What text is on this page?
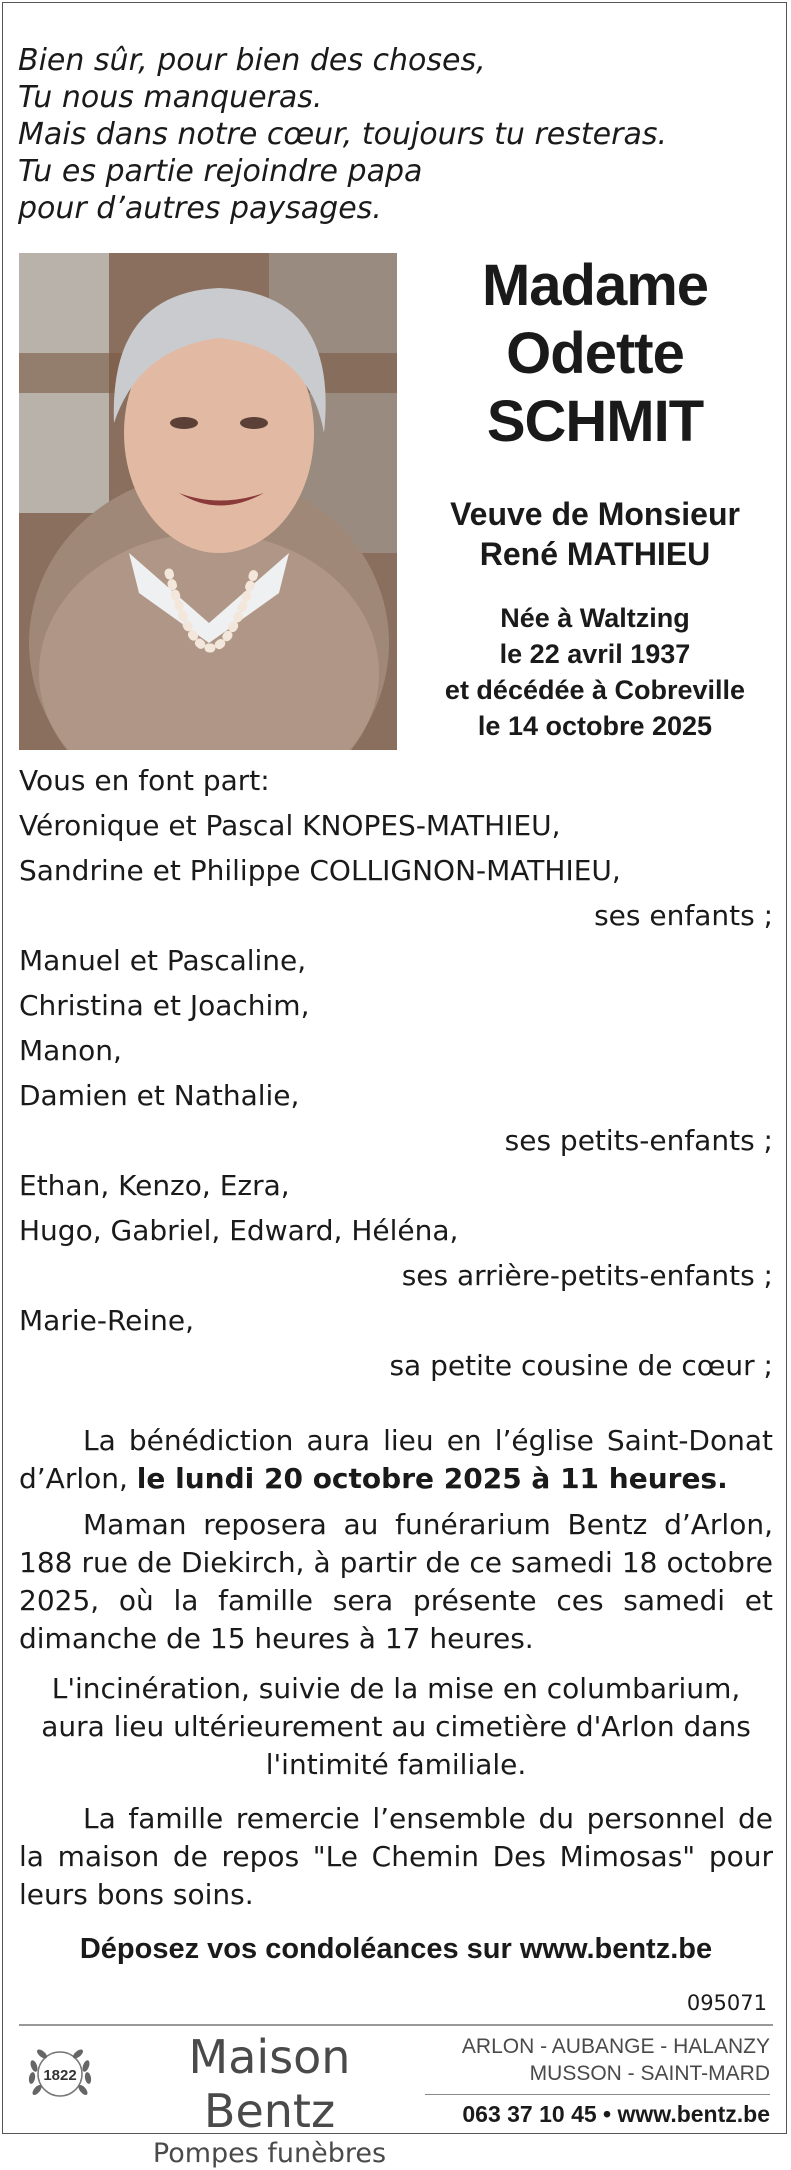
Bien sûr, pour bien des choses,
Tu nous manqueras.
Mais dans notre cœur, toujours tu resteras.
Tu es partie rejoindre papa
pour d’autres paysages.
Madame
Odette
SCHMIT
Veuve de Monsieur
René MATHIEU
Née à Waltzing
le 22 avril 1937
et décédée à Cobreville
le 14 octobre 2025
Vous en font part:
Véronique et Pascal KNOPES-MATHIEU,
Sandrine et Philippe COLLIGNON-MATHIEU,
ses enfants ;
Manuel et Pascaline,
Christina et Joachim,
Manon,
Damien et Nathalie,
ses petits-enfants ;
Ethan, Kenzo, Ezra,
Hugo, Gabriel, Edward, Héléna,
ses arrière-petits-enfants ;
Marie-Reine,
sa petite cousine de cœur ;
La bénédiction aura lieu en l’église Saint-Donat d’Arlon, le lundi 20 octobre 2025 à 11 heures.
Maman reposera au funérarium Bentz d’Arlon, 188 rue de Diekirch, à partir de ce samedi 18 octobre 2025, où la famille sera présente ces samedi et dimanche de 15 heures à 17 heures.
L'incinération, suivie de la mise en columbarium, aura lieu ultérieurement au cimetière d'Arlon dans l'intimité familiale.
La famille remercie l’ensemble du personnel de la maison de repos "Le Chemin Des Mimosas" pour leurs bons soins.
Déposez vos condoléances sur www.bentz.be
095071
1822	Maison Bentz
Pompes funèbres
ARLON - AUBANGE - HALANZY
MUSSON - SAINT-MARD
063 37 10 45 • www.bentz.be
